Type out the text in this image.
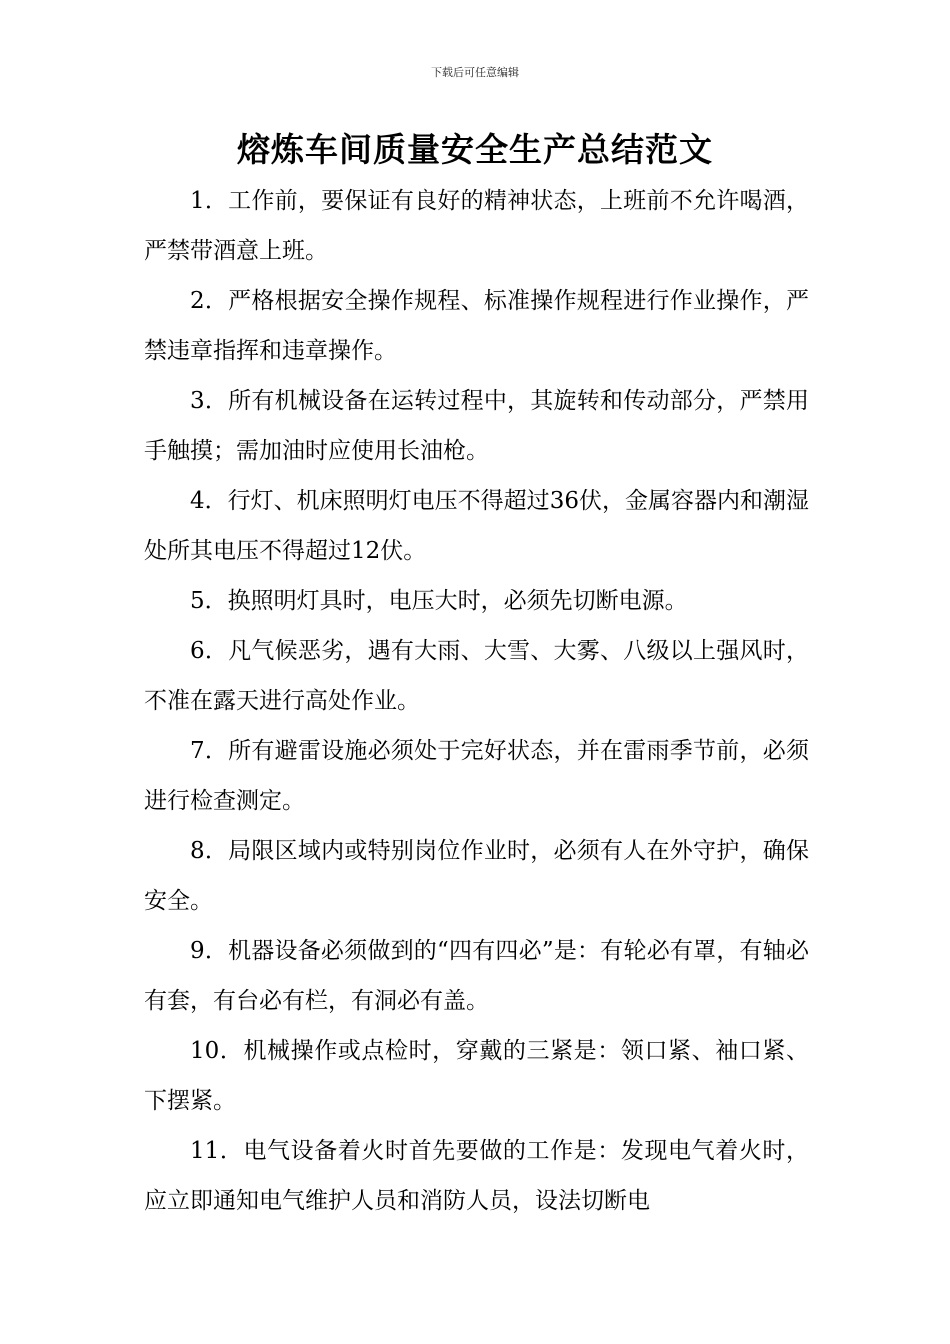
下载后可任意编辑
熔炼车间质量安全生产总结范文

1．工作前，要保证有良好的精神状态，上班前不允许喝酒，严禁带酒意上班。

2．严格根据安全操作规程、标准操作规程进行作业操作，严禁违章指挥和违章操作。

3．所有机械设备在运转过程中，其旋转和传动部分，严禁用手触摸；需加油时应使用长油枪。

4．行灯、机床照明灯电压不得超过36伏，金属容器内和潮湿处所其电压不得超过12伏。

5．换照明灯具时，电压大时，必须先切断电源。

6．凡气候恶劣，遇有大雨、大雪、大雾、八级以上强风时，不准在露天进行高处作业。

7．所有避雷设施必须处于完好状态，并在雷雨季节前，必须进行检查测定。

8．局限区域内或特别岗位作业时，必须有人在外守护，确保安全。

9．机器设备必须做到的“四有四必”是：有轮必有罩，有轴必有套，有台必有栏，有洞必有盖。

10．机械操作或点检时，穿戴的三紧是：领口紧、袖口紧、下摆紧。

11．电气设备着火时首先要做的工作是：发现电气着火时，应立即通知电气维护人员和消防人员，设法切断电
